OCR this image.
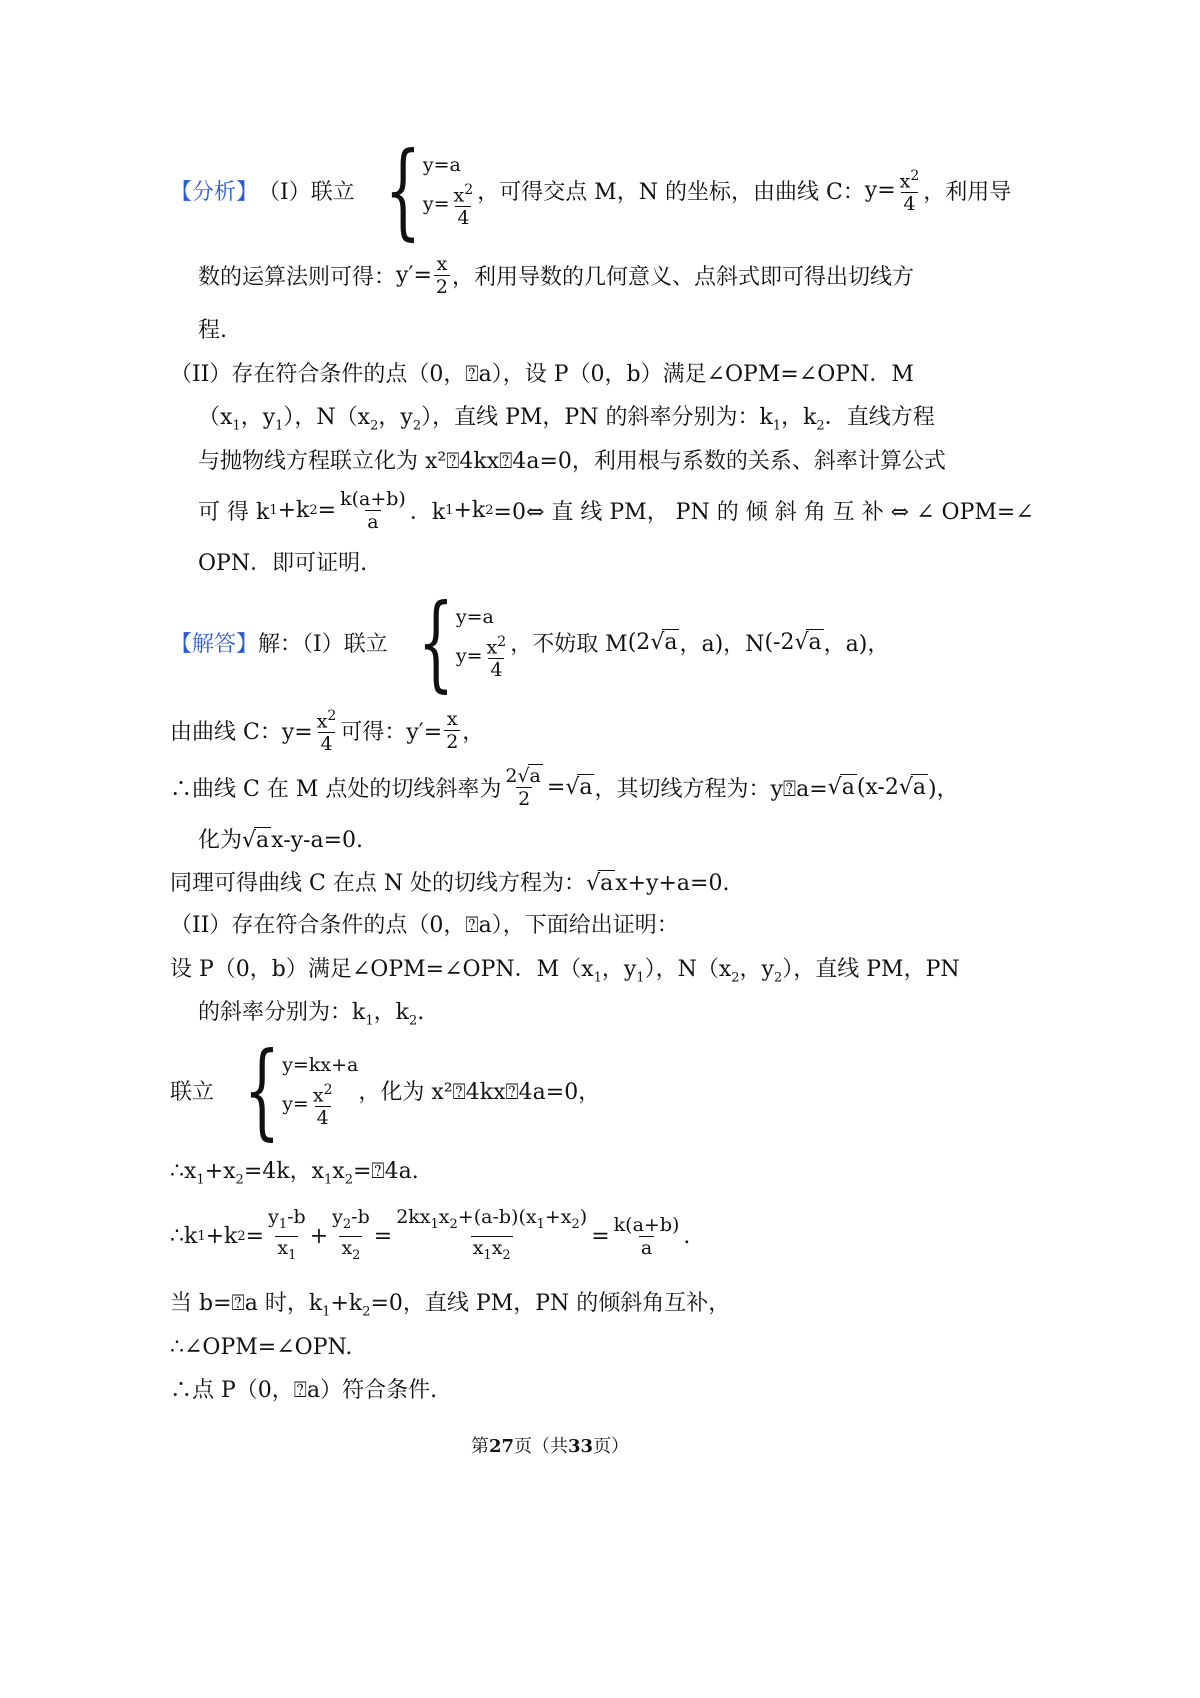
【分析】 （I）联立 { y=a
$y= \frac{x^2}{4}$ ，可得交点 M，N 的坐标，由曲线 C： $y= \frac{x^2}{4}$ ，利用导
数的运算法则可得： $y'= \frac{x}{2}$ ，利用导数的几何意义、点斜式即可得出切线方
程.
（II）存在符合条件的点（0，⍰a），设 P（0，b）满足∠OPM=∠OPN．M
（$x_1$，$y_1$），$N(x_2$，$y_2$），直线 PM，PN 的斜率分别为：$k_1$，$k_2$．直线方程
与抛物线方程联立化为 x²⍰4kx⍰4a=0，利用根与系数的关系、斜率计算公式
可 得 k 1 +k $2 = \frac{k(a+b)}{a}$ ．k 1 +k 2 =0⇔ 直 线 PM， PN 的 倾 斜 角 互 补 ⇔ ∠ OPM=∠
OPN．即可证明.
【解答】 解：（I）联立 { y=a
$y= \frac{x^2}{4}$ ，不妨取 M (2 √a ，a) ，N (-2 √a ，a) ，
由曲线 C：$y= \frac{x^2}{4}$ 可得：$y'= \frac{x}{2}$ ，
∴曲线 C 在 M 点处的切线斜率为 $\frac{2√a}{2} = √a$ ，其切线方程为：y⍰a= √a (x-2 √a )，
化为√ax-y-a=0.
同理可得曲线 C 在点 N 处的切线方程为：√ax+y+a=0.
（II）存在符合条件的点（0，⍰a），下面给出证明：
设 P（0，b）满足∠OPM=∠OPN．$M(x_1$，$y_1$），$N(x_2$，$y_2$），直线 PM，PN
的斜率分别为：$k_1$，$k_2$.
联立 { y=kx+a
$y= \frac{x^2}{4}$ ，化为 x²⍰4kx⍰4a=0，
$\therefore x_1+x_2=4k$，$x_1x_2=⍰4a$.
∴k 1 +k $2 = \frac{y_1-b}{x_1} + \frac{y_2-b}{x_2} = \frac{2kx_1x_2+(a-b)(x_1+x_2)}{x_1x_2} = \frac{k(a+b)}{a}$ .
当 b=⍰a 时，$k_1+k_2=0$，直线 PM，PN 的倾斜角互补，
∴∠OPM=∠OPN.
∴点 P（0，⍰a）符合条件.
第27页（共33页）
